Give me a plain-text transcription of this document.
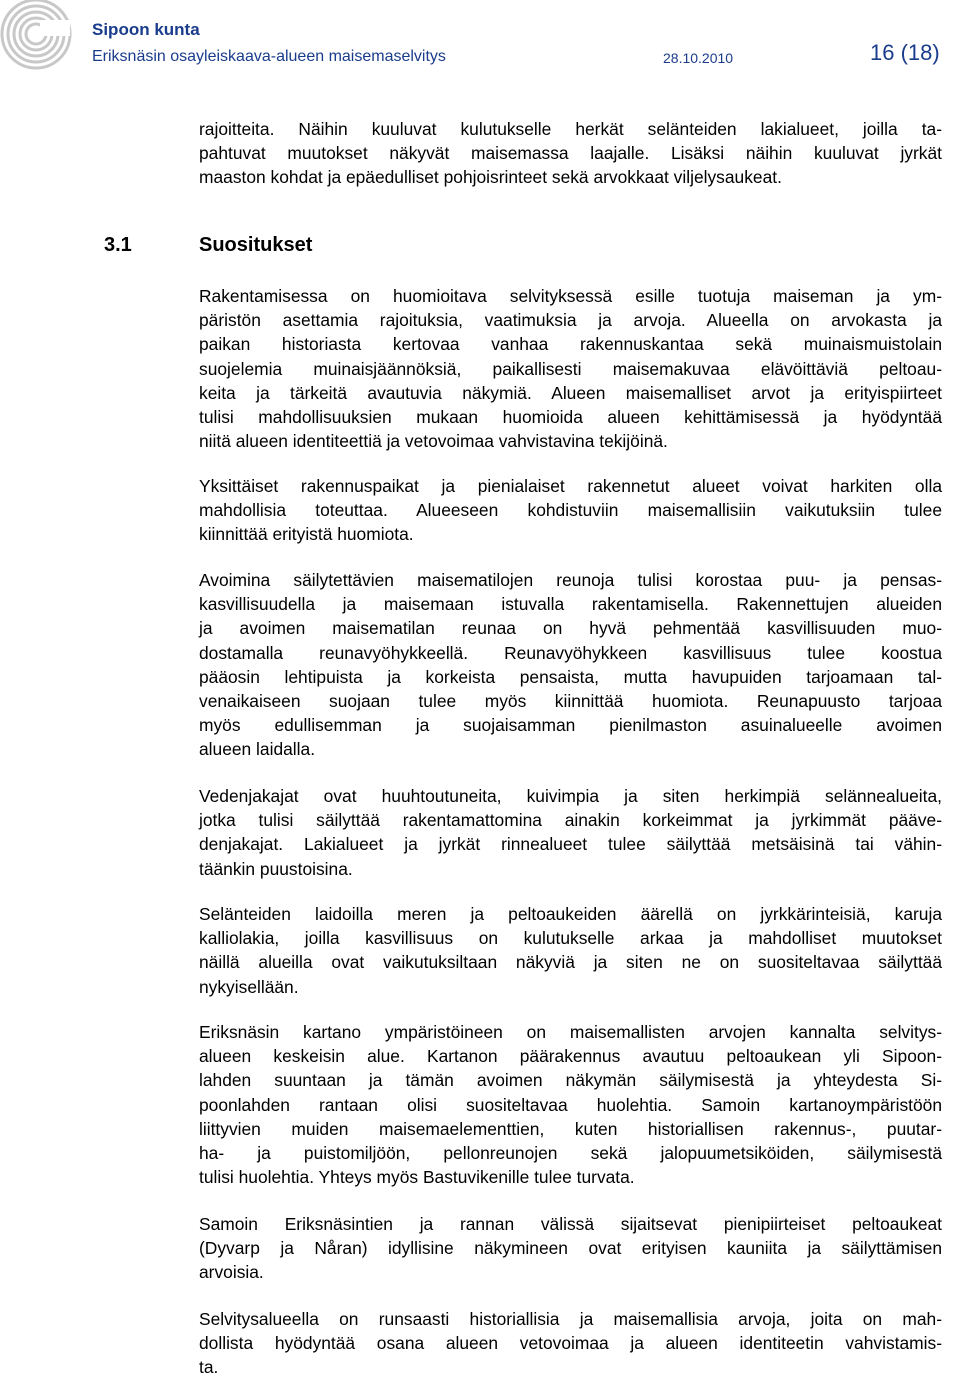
Sipoon kunta
Eriksnäsin osayleiskaava-alueen maisemaselvitys	28.10.2010	16 (18)
rajoitteita. Näihin kuuluvat kulutukselle herkät selänteiden lakialueet, joilla ta-
pahtuvat muutokset näkyvät maisemassa laajalle. Lisäksi näihin kuuluvat jyrkät
maaston kohdat ja epäedulliset pohjoisrinteet sekä arvokkaat viljelysaukeat.
3.1	Suositukset
Rakentamisessa on huomioitava selvityksessä esille tuotuja maiseman ja ym-
päristön asettamia rajoituksia, vaatimuksia ja arvoja. Alueella on arvokasta ja
paikan historiasta kertovaa vanhaa rakennuskantaa sekä muinaismuistolain
suojelemia muinaisjäännöksiä, paikallisesti maisemakuvaa elävöittäviä peltoau-
keita ja tärkeitä avautuvia näkymiä. Alueen maisemalliset arvot ja erityispiirteet
tulisi mahdollisuuksien mukaan huomioida alueen kehittämisessä ja hyödyntää
niitä alueen identiteettiä ja vetovoimaa vahvistavina tekijöinä.
Yksittäiset rakennuspaikat ja pienialaiset rakennetut alueet voivat harkiten olla
mahdollisia toteuttaa. Alueeseen kohdistuviin maisemallisiin vaikutuksiin tulee
kiinnittää erityistä huomiota.
Avoimina säilytettävien maisematilojen reunoja tulisi korostaa puu- ja pensas-
kasvillisuudella ja maisemaan istuvalla rakentamisella. Rakennettujen alueiden
ja avoimen maisematilan reunaa on hyvä pehmentää kasvillisuuden muo-
dostamalla reunavyöhykkeellä. Reunavyöhykkeen kasvillisuus tulee koostua
pääosin lehtipuista ja korkeista pensaista, mutta havupuiden tarjoamaan tal-
venaikaiseen suojaan tulee myös kiinnittää huomiota. Reunapuusto tarjoaa
myös edullisemman ja suojaisamman pienilmaston asuinalueelle avoimen
alueen laidalla.
Vedenjakajat ovat huuhtoutuneita, kuivimpia ja siten herkimpiä selännealueita,
jotka tulisi säilyttää rakentamattomina ainakin korkeimmat ja jyrkimmät pääve-
denjakajat. Lakialueet ja jyrkät rinnealueet tulee säilyttää metsäisinä tai vähin-
täänkin puustoisina.
Selänteiden laidoilla meren ja peltoaukeiden äärellä on jyrkkärinteisiä, karuja
kalliolakia, joilla kasvillisuus on kulutukselle arkaa ja mahdolliset muutokset
näillä alueilla ovat vaikutuksiltaan näkyviä ja siten ne on suositeltavaa säilyttää
nykyisellään.
Eriksnäsin kartano ympäristöineen on maisemallisten arvojen kannalta selvitys-
alueen keskeisin alue. Kartanon päärakennus avautuu peltoaukean yli Sipoon-
lahden suuntaan ja tämän avoimen näkymän säilymisestä ja yhteydesta Si-
poonlahden rantaan olisi suositeltavaa huolehtia. Samoin kartanoympäristöön
liittyvien muiden maisemaelementtien, kuten historiallisen rakennus-, puutar-
ha- ja puistomiljöön, pellonreunojen sekä jalopuumetsiköiden, säilymisestä
tulisi huolehtia. Yhteys myös Bastuvikenille tulee turvata.
Samoin Eriksnäsintien ja rannan välissä sijaitsevat pienipiirteiset peltoaukeat
(Dyvarp ja Nåran) idyllisine näkymineen ovat erityisen kauniita ja säilyttämisen
arvoisia.
Selvitysalueella on runsaasti historiallisia ja maisemallisia arvoja, joita on mah-
dollista hyödyntää osana alueen vetovoimaa ja alueen identiteetin vahvistamis-
ta.
